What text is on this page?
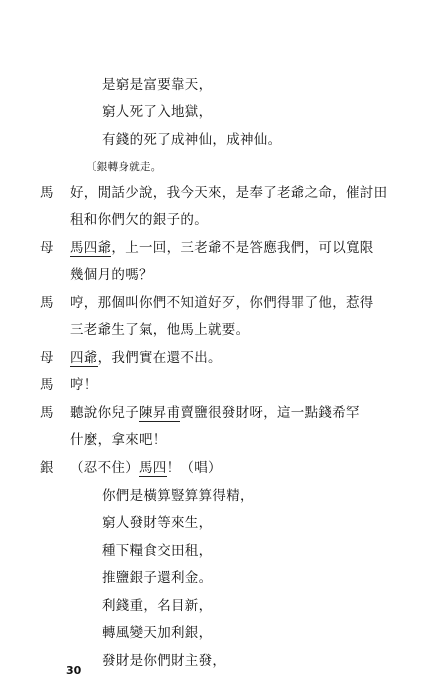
是窮是富要靠天，
窮人死了入地獄，
有錢的死了成神仙，成神仙。
〔銀轉身就走。
馬 好，閒話少說，我今天來，是奉了老爺之命，催討田
租和你們欠的銀子的。
母 馬四爺，上一回，三老爺不是答應我們，可以寬限
幾個月的嗎？
馬 哼，那個叫你們不知道好歹，你們得罪了他，惹得
三老爺生了氣，他馬上就要。
母 四爺，我們實在還不出。
馬 哼！
馬 聽說你兒子陳昇甫賣鹽很發財呀，這一點錢希罕
什麼，拿來吧！
銀 （忍不住）馬四！（唱）
你們是橫算豎算算得精，
窮人發財等來生，
種下糧食交田租，
推鹽銀子還利金。
利錢重，名目新，
轉風變天加利銀，
發財是你們財主發，
30
